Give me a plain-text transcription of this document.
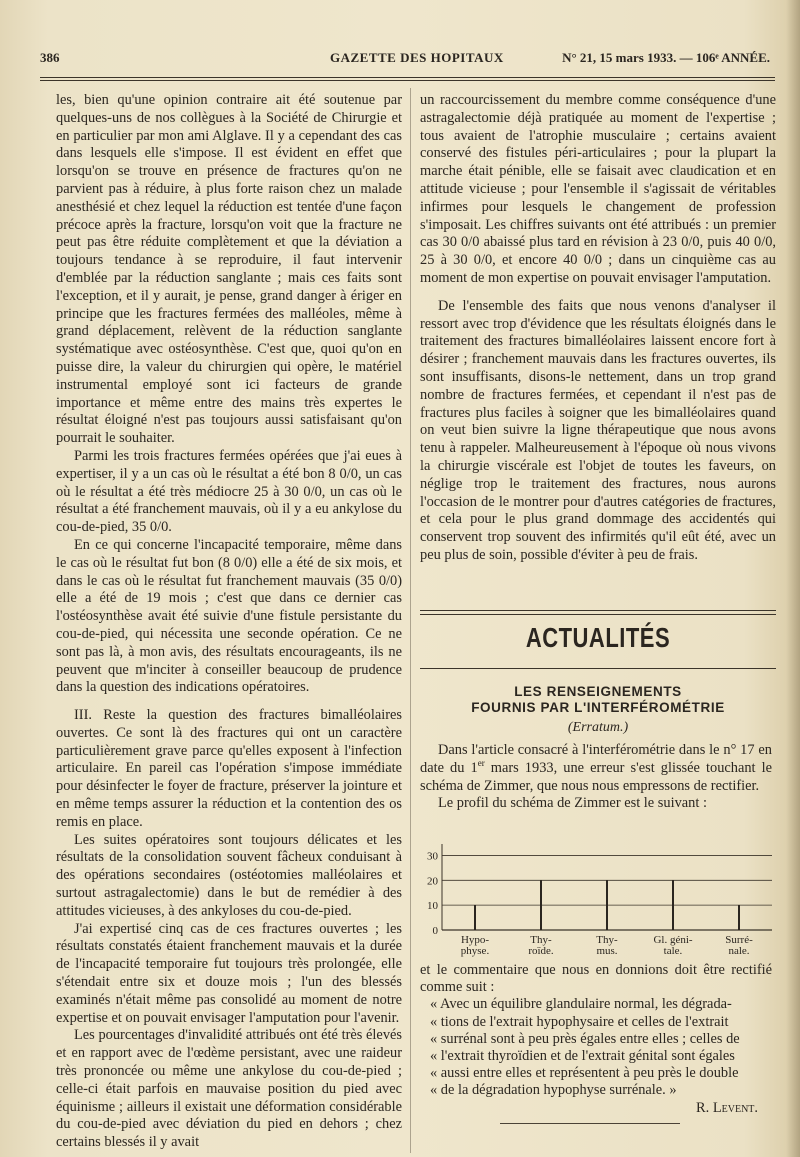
386	GAZETTE DES HOPITAUX	N° 21, 15 mars 1933. — 106ᵉ ANNÉE.

les, bien qu'une opinion contraire ait été soutenue par quelques-uns de nos collègues à la Société de Chirurgie et en particulier par mon ami Alglave. Il y a cependant des cas dans lesquels elle s'impose. Il est évident en effet que lorsqu'on se trouve en présence de fractures qu'on ne parvient pas à réduire, à plus forte raison chez un malade anesthésié et chez lequel la réduction est tentée d'une façon précoce après la fracture, lorsqu'on voit que la fracture ne peut pas être réduite complètement et que la déviation a toujours tendance à se reproduire, il faut intervenir d'emblée par la réduction sanglante ; mais ces faits sont l'exception, et il y aurait, je pense, grand danger à ériger en principe que les fractures fermées des malléoles, même à grand déplacement, relèvent de la réduction sanglante systématique avec ostéosynthèse. C'est que, quoi qu'on en puisse dire, la valeur du chirurgien qui opère, le matériel instrumental employé sont ici facteurs de grande importance et même entre des mains très expertes le résultat éloigné n'est pas toujours aussi satisfaisant qu'on pourrait le souhaiter.

Parmi les trois fractures fermées opérées que j'ai eues à expertiser, il y a un cas où le résultat a été bon 8 0/0, un cas où le résultat a été très médiocre 25 à 30 0/0, un cas où le résultat a été franchement mauvais, où il y a eu ankylose du cou-de-pied, 35 0/0.

En ce qui concerne l'incapacité temporaire, même dans le cas où le résultat fut bon (8 0/0) elle a été de six mois, et dans le cas où le résultat fut franchement mauvais (35 0/0) elle a été de 19 mois ; c'est que dans ce dernier cas l'ostéosynthèse avait été suivie d'une fistule persistante du cou-de-pied, qui nécessita une seconde opération. Ce ne sont pas là, à mon avis, des résultats encourageants, ils ne peuvent que m'inciter à conseiller beaucoup de prudence dans la question des indications opératoires.

III. Reste la question des fractures bimalléolaires ouvertes. Ce sont là des fractures qui ont un caractère particulièrement grave parce qu'elles exposent à l'infection articulaire. En pareil cas l'opération s'impose immédiate pour désinfecter le foyer de fracture, préserver la jointure et en même temps assurer la réduction et la contention des os remis en place.

Les suites opératoires sont toujours délicates et les résultats de la consolidation souvent fâcheux conduisant à des opérations secondaires (ostéotomies malléolaires et surtout astragalectomie) dans le but de remédier à des attitudes vicieuses, à des ankyloses du cou-de-pied.

J'ai expertisé cinq cas de ces fractures ouvertes ; les résultats constatés étaient franchement mauvais et la durée de l'incapacité temporaire fut toujours très prolongée, elle s'étendait entre six et douze mois ; l'un des blessés examinés n'était même pas consolidé au moment de notre expertise et on pouvait envisager l'amputation pour l'avenir.

Les pourcentages d'invalidité attribués ont été très élevés et en rapport avec de l'œdème persistant, avec une raideur très prononcée ou même une ankylose du cou-de-pied ; celle-ci était parfois en mauvaise position du pied avec équinisme ; ailleurs il existait une déformation considérable du cou-de-pied avec déviation du pied en dehors ; chez certains blessés il y avait

un raccourcissement du membre comme conséquence d'une astragalectomie déjà pratiquée au moment de l'expertise ; tous avaient de l'atrophie musculaire ; certains avaient conservé des fistules péri-articulaires ; pour la plupart la marche était pénible, elle se faisait avec claudication et en attitude vicieuse ; pour l'ensemble il s'agissait de véritables infirmes pour lesquels le changement de profession s'imposait. Les chiffres suivants ont été attribués : un premier cas 30 0/0 abaissé plus tard en révision à 23 0/0, puis 40 0/0, 25 à 30 0/0, et encore 40 0/0 ; dans un cinquième cas au moment de mon expertise on pouvait envisager l'amputation.

De l'ensemble des faits que nous venons d'analyser il ressort avec trop d'évidence que les résultats éloignés dans le traitement des fractures bimalléolaires laissent encore fort à désirer ; franchement mauvais dans les fractures ouvertes, ils sont insuffisants, disons-le nettement, dans un trop grand nombre de fractures fermées, et cependant il n'est pas de fractures plus faciles à soigner que les bimalléolaires quand on veut bien suivre la ligne thérapeutique que nous avons tenu à rappeler. Malheureusement à l'époque où nous vivons la chirurgie viscérale est l'objet de toutes les faveurs, on néglige trop le traitement des fractures, nous aurons l'occasion de le montrer pour d'autres catégories de fractures, et cela pour le plus grand dommage des accidentés qui conservent trop souvent des infirmités qu'il eût été, avec un peu plus de soin, possible d'éviter à peu de frais.

ACTUALITÉS
LES RENSEIGNEMENTS
FOURNIS PAR L'INTERFÉROMÉTRIE
(Erratum.)

Dans l'article consacré à l'interférométrie dans le n° 17 en date du 1er mars 1933, une erreur s'est glissée touchant le schéma de Zimmer, que nous nous empressons de rectifier.

Le profil du schéma de Zimmer est le suivant :

0
10
20
30
Hypo-
physe.
Thy-
roïde.
Thy-
mus.
Gl. géni-
tale.
Surré-
nale.

et le commentaire que nous en donnions doit être rectifié comme suit :

« Avec un équilibre glandulaire normal, les dégrada-

« tions de l'extrait hypophysaire et celles de l'extrait

« surrénal sont à peu près égales entre elles ; celles de

« l'extrait thyroïdien et de l'extrait génital sont égales

« aussi entre elles et représentent à peu près le double

« de la dégradation hypophyse surrénale. »

R. Levent.
